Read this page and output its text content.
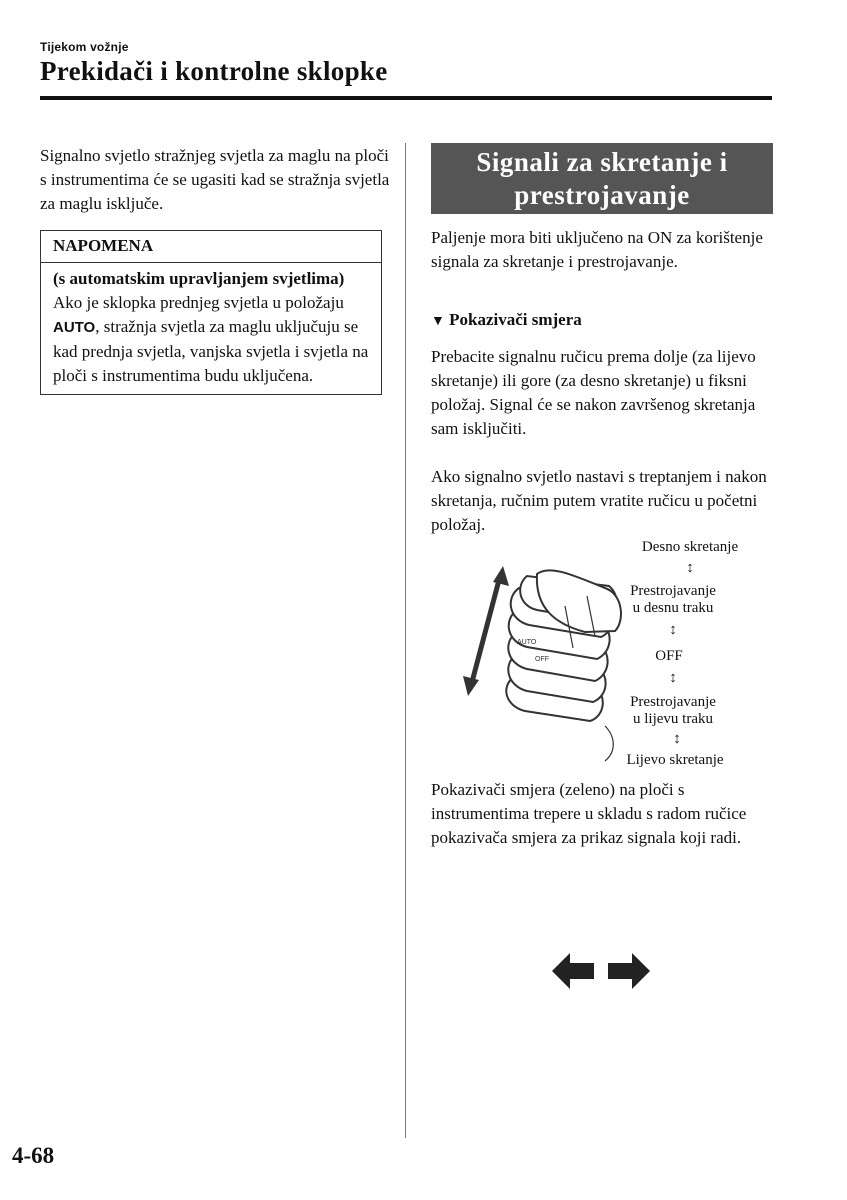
Tijekom vožnje
Prekidači i kontrolne sklopke
Signalno svjetlo stražnjeg svjetla za maglu na ploči s instrumentima će se ugasiti kad se stražnja svjetla za maglu isključe.
NAPOMENA
(s automatskim upravljanjem svjetlima)
Ako je sklopka prednjeg svjetla u položaju AUTO, stražnja svjetla za maglu uključuju se kad prednja svjetla, vanjska svjetla i svjetla na ploči s instrumentima budu uključena.
Signali za skretanje i
prestrojavanje
Paljenje mora biti uključeno na ON za korištenje signala za skretanje i prestrojavanje.
▼ Pokazivači smjera
Prebacite signalnu ručicu prema dolje (za lijevo skretanje) ili gore (za desno skretanje) u fiksni položaj. Signal će se nakon završenog skretanja sam isključiti.
Ako signalno svjetlo nastavi s treptanjem i nakon skretanja, ručnim putem vratite ručicu u početni položaj.
AUTO
OFF
Desno skretanje
↕
Prestrojavanje
u desnu traku
↕
OFF
↕
Prestrojavanje
u lijevu traku
↕
Lijevo skretanje
Pokazivači smjera (zeleno) na ploči s instrumentima trepere u skladu s radom ručice pokazivača smjera za prikaz signala koji radi.
4-68
